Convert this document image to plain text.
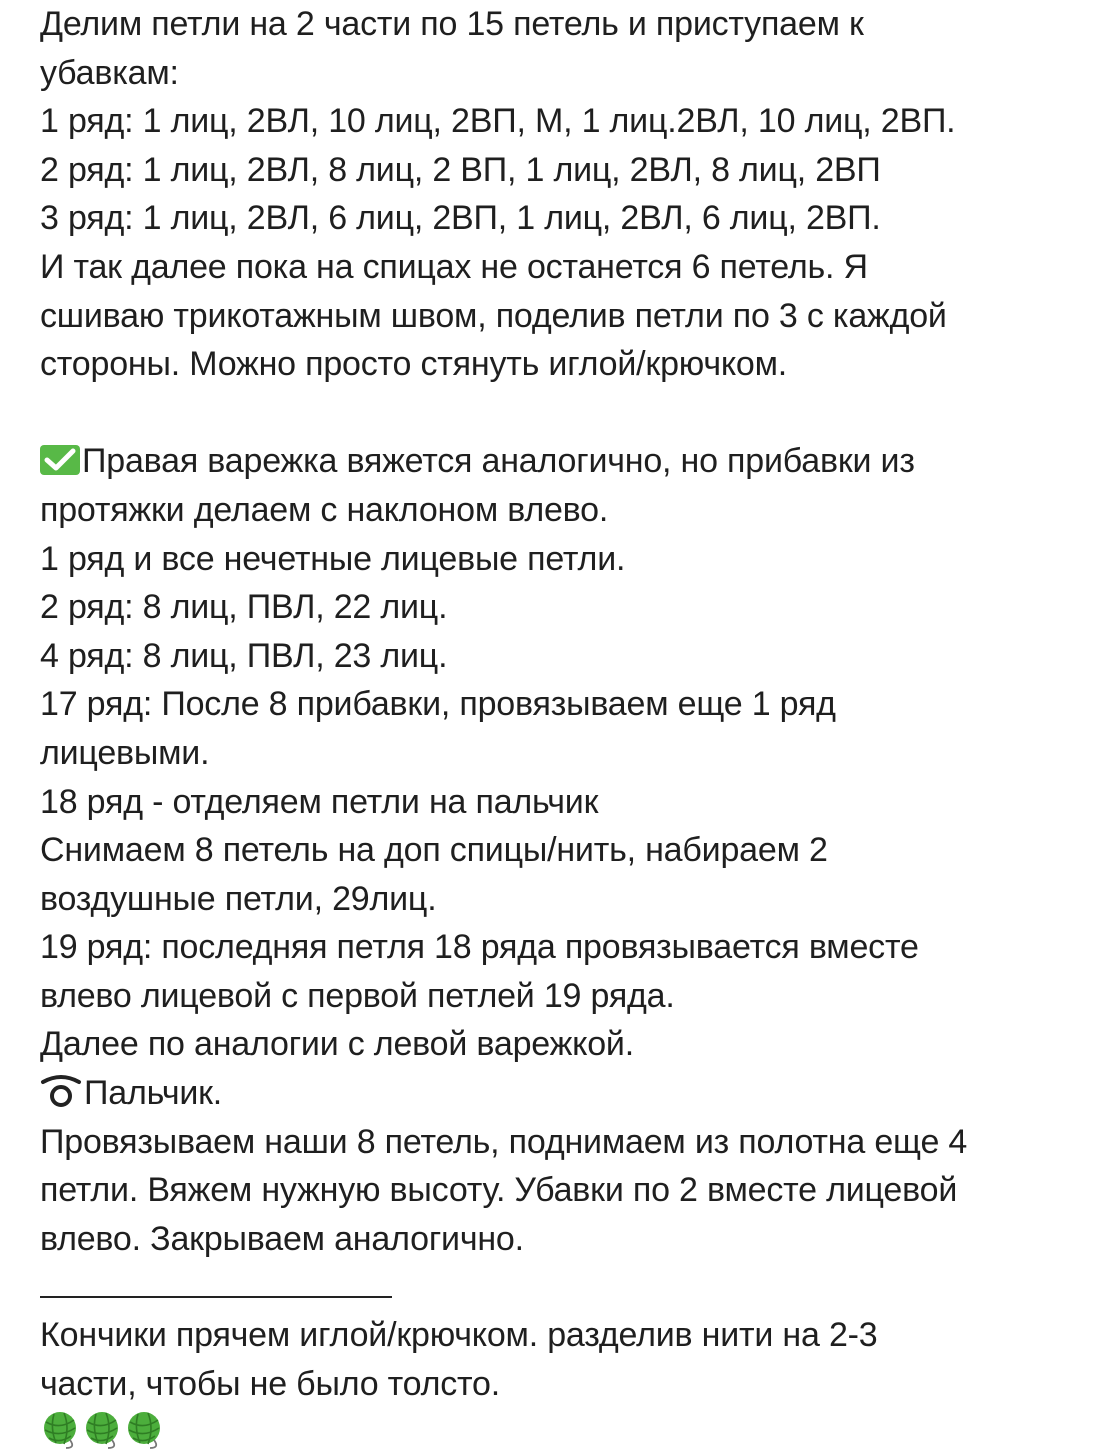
Делим петли на 2 части по 15 петель и приступаем к
убавкам:
1 ряд: 1 лиц, 2ВЛ, 10 лиц, 2ВП, М, 1 лиц.2ВЛ, 10 лиц, 2ВП.
2 ряд: 1 лиц, 2ВЛ, 8 лиц, 2 ВП, 1 лиц, 2ВЛ, 8 лиц, 2ВП
3 ряд: 1 лиц, 2ВЛ, 6 лиц, 2ВП, 1 лиц, 2ВЛ, 6 лиц, 2ВП.
И так далее пока на спицах не останется 6 петель. Я
сшиваю трикотажным швом, поделив петли по 3 с каждой
стороны. Можно просто стянуть иглой/крючком.
Правая варежка вяжется аналогично, но прибавки из
протяжки делаем с наклоном влево.
1 ряд и все нечетные лицевые петли.
2 ряд: 8 лиц, ПВЛ, 22 лиц.
4 ряд: 8 лиц, ПВЛ, 23 лиц.
17 ряд: После 8 прибавки, провязываем еще 1 ряд
лицевыми.
18 ряд - отделяем петли на пальчик
Снимаем 8 петель на доп спицы/нить, набираем 2
воздушные петли, 29лиц.
19 ряд: последняя петля 18 ряда провязывается вместе
влево лицевой с первой петлей 19 ряда.
Далее по аналогии с левой варежкой.
Пальчик.
Провязываем наши 8 петель, поднимаем из полотна еще 4
петли. Вяжем нужную высоту. Убавки по 2 вместе лицевой
влево. Закрываем аналогично.
Кончики прячем иглой/крючком. разделив нити на 2-3
части, чтобы не было толсто.
